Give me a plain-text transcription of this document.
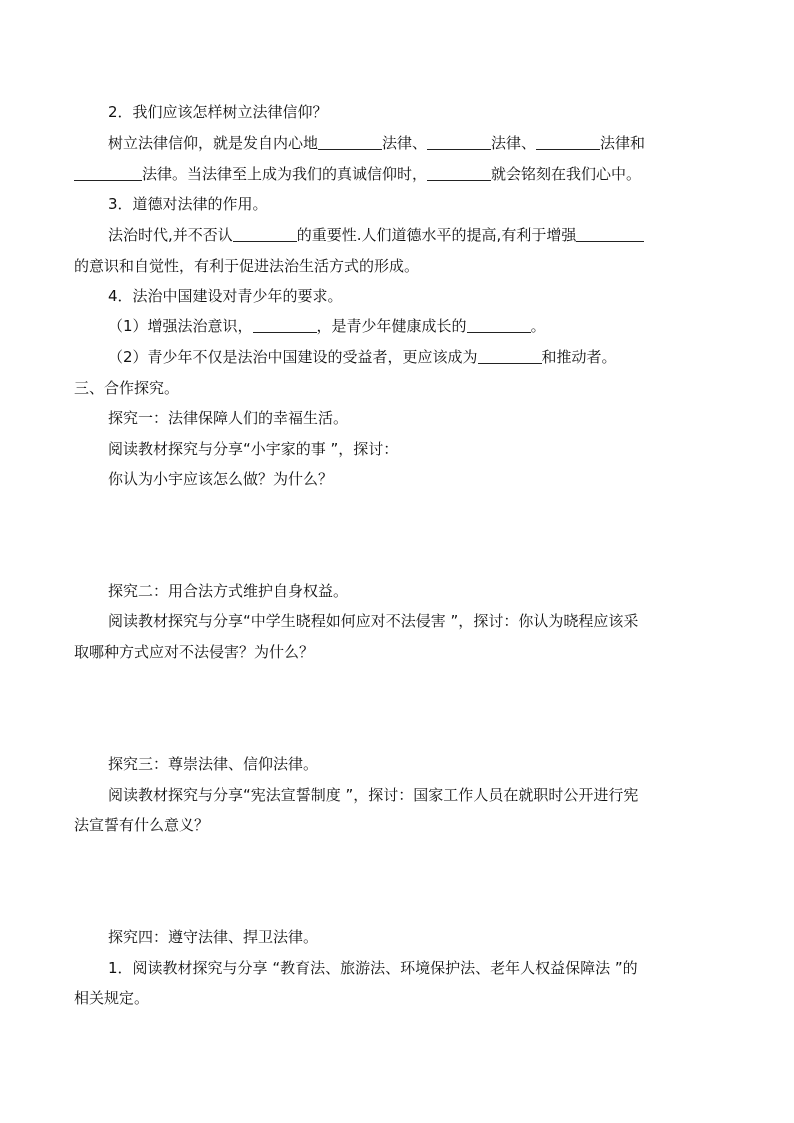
2．我们应该怎样树立法律信仰？
树立法律信仰，就是发自内心地	法律、	法律、	法律和
法律。当法律至上成为我们的真诚信仰时，	就会铭刻在我们心中。
3．道德对法律的作用。
法治时代,并不否认	的重要性.人们道德水平的提高,有利于增强
的意识和自觉性，有利于促进法治生活方式的形成。
4．法治中国建设对青少年的要求。
（1）增强法治意识，	，是青少年健康成长的	。
（2）青少年不仅是法治中国建设的受益者，更应该成为	和推动者。
三、合作探究。
探究一：法律保障人们的幸福生活。
阅读教材探究与分享“小宇家的事 ”，探讨：
你认为小宇应该怎么做？为什么？
探究二：用合法方式维护自身权益。
阅读教材探究与分享“中学生晓程如何应对不法侵害 ”，探讨：你认为晓程应该采
取哪种方式应对不法侵害？为什么？
探究三：尊崇法律、信仰法律。
阅读教材探究与分享“宪法宣誓制度 ”，探讨：国家工作人员在就职时公开进行宪
法宣誓有什么意义？
探究四：遵守法律、捍卫法律。
1．阅读教材探究与分享 “教育法、旅游法、环境保护法、老年人权益保障法 ”的
相关规定。
